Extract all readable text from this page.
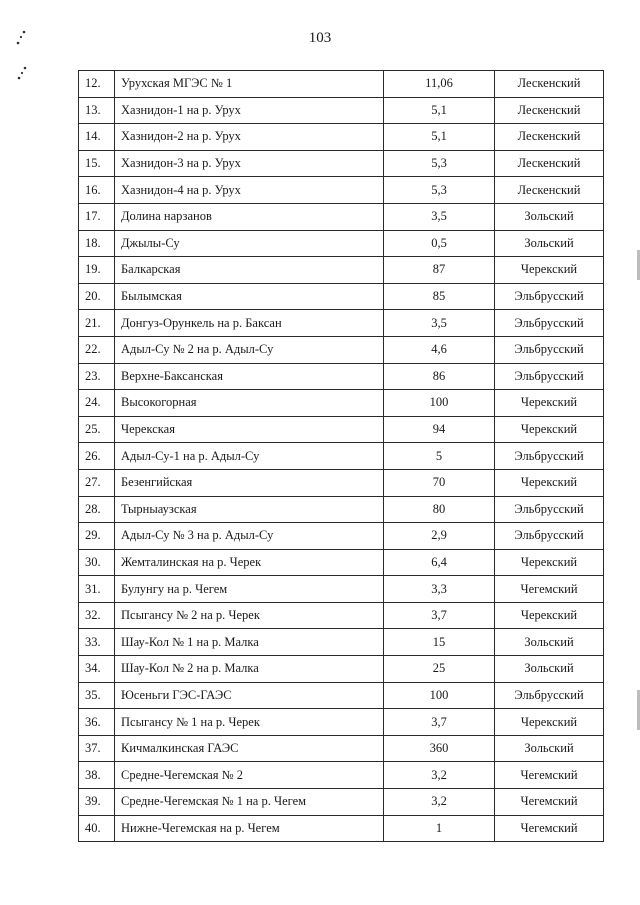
103
12.	Урухская МГЭС № 1	11,06	Лескенский
13.	Хазнидон-1 на р. Урух	5,1	Лескенский
14.	Хазнидон-2 на р. Урух	5,1	Лескенский
15.	Хазнидон-3 на р. Урух	5,3	Лескенский
16.	Хазнидон-4 на р. Урух	5,3	Лескенский
17.	Долина нарзанов	3,5	Зольский
18.	Джылы-Су	0,5	Зольский
19.	Балкарская	87	Черекский
20.	Былымская	85	Эльбрусский
21.	Донгуз-Орункель на р. Баксан	3,5	Эльбрусский
22.	Адыл-Су № 2 на р. Адыл-Су	4,6	Эльбрусский
23.	Верхне-Баксанская	86	Эльбрусский
24.	Высокогорная	100	Черекский
25.	Черекская	94	Черекский
26.	Адыл-Су-1 на р. Адыл-Су	5	Эльбрусский
27.	Безенгийская	70	Черекский
28.	Тырныаузская	80	Эльбрусский
29.	Адыл-Су № 3 на р. Адыл-Су	2,9	Эльбрусский
30.	Жемталинская на р. Черек	6,4	Черекский
31.	Булунгу на р. Чегем	3,3	Чегемский
32.	Псыгансу № 2 на р. Черек	3,7	Черекский
33.	Шау-Кол № 1 на р. Малка	15	Зольский
34.	Шау-Кол № 2 на р. Малка	25	Зольский
35.	Юсеньги ГЭС-ГАЭС	100	Эльбрусский
36.	Псыгансу № 1 на р. Черек	3,7	Черекский
37.	Кичмалкинская ГАЭС	360	Зольский
38.	Средне-Чегемская № 2	3,2	Чегемский
39.	Средне-Чегемская № 1 на р. Чегем	3,2	Чегемский
40.	Нижне-Чегемская на р. Чегем	1	Чегемский
